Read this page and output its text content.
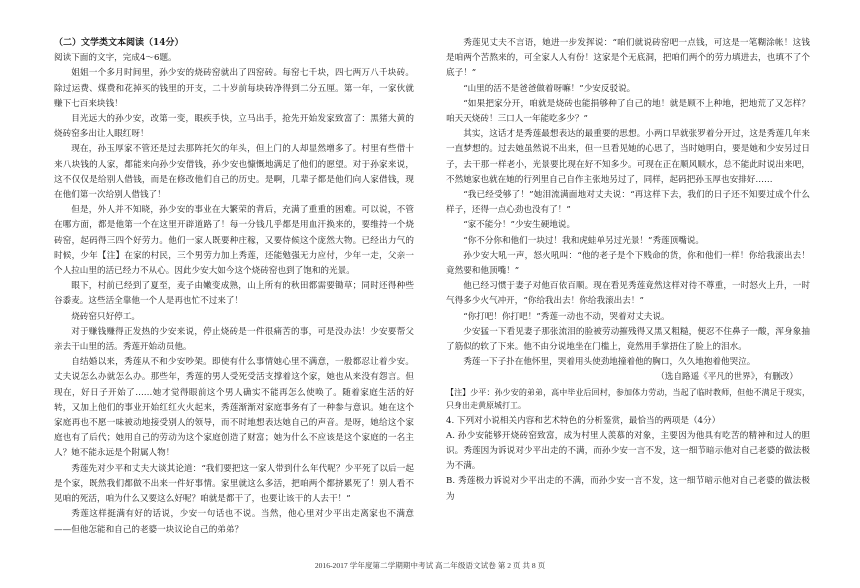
（二）文学类文本阅读（14分）

阅读下面的文字，完成4～6题。

姐姐一个多月时间里，孙少安的烧砖窑就出了四窑砖。每窑七千块，四七两万八千块砖。除过运费、煤费和花掉买的钱里的开支，二十岁前每块砖净得到二分五厘。第一年，一家伙就赚下七百来块钱！

目光远大的孙少安，改第一变，眼疾手快，立马出手，抢先开始发家致富了：黑猪大黄的烧砖窑多出让人眼红呀！

现在，孙玉厚家不管还是过去那阵托欠的年头，但上门的人却显然增多了。村里有些借十来八块钱的人家，都能来向孙少安借钱，孙少安也慷慨地满足了他们的愿望。对于孙家来说，这不仅仅是给别人借钱，而是在修改他们自己的历史。是啊，几辈子都是他们向人家借钱，现在他们第一次给别人借钱了！

但是，外人并不知晓，孙少安的事业在大繁荣的背后，充满了重重的困难。可以说，不管在哪方面，都是他第一个在这里开辟道路了！每一分钱几乎都是用血汗换来的，要维持一个烧砖窑，起码得三四个好劳力。他们一家人既要种庄稼，又要侍候这个庞然大物。已经出力气的时候，少年【注】在家的村民，三个男劳力加上秀莲，还能勉强无力应付，少年一走，父亲一个人拉山里的活已经力不从心。因此少安大如今这个烧砖窑也到了饱和的光景。

眼下，村前已经到了夏至，麦子由嫩变成熟，山上所有的秋田都需要锄草；同时还得种些谷黍麦。这些活全靠他一个人是再也忙不过来了！

烧砖窑只好停工。

对于赚钱赚得正发热的少安来说，停止烧砖是一件很痛苦的事，可是没办法！少安要帮父亲去干山里的活。秀莲开始动员他。

自结婚以来，秀莲从不和少安吵架。即使有什么事情她心里不满意，一般都忍让着少安。丈夫说怎么办就怎么办。那些年，秀莲的男人受死受活支撑着这个家，她也从来没有怨言。但现在，好日子开始了……她才觉得眼前这个男人确实不能再怎么使唤了。随着家庭生活的好转，又加上他们的事业开始红红火火起来，秀莲渐渐对家庭事务有了一种参与意识。她在这个家庭再也不愿一味被动地接受别人的领导，而不时地想表达她自己的声音。是呀，她给这个家庭也有了后代；她用自己的劳动为这个家庭创造了财富；她为什么不应该是这个家庭的一名主人？她不能永远是个附属人物！

秀莲先对少平和丈夫大谈其论道：“我们要把这一家人带到什么年代呢？少平死了以后一起是个家，既然我们都做不出来一件好事情。家里就这么多活，把咱两个都挤累死了！别人看不见咱的死活，咱为什么又要这么好呢？咱就是都干了，也要让该干的人去干！”

秀莲这样挺满有好的话说，少安一句话也不说。当然，他心里对少平出走离家也不满意——但他怎能和自己的老婆一块议论自己的弟弟？

秀莲见丈夫不言语，她进一步发挥说：“咱们就说砖窑吧一点钱，可这是一笔糊涂帐！这钱是咱两个苦熬来的，可全家人人有份！这家是个无底洞，把咱们两个的劳力填进去，也填不了个底子！”

“山里的活不是爸爸做着呀嘛！”少安反驳说。

“如果把家分开，咱就是烧砖也能捐够种了自己的地！就是顾不上种地，把地荒了又怎样？咱天天烧砖！三口人一年能吃多少？”

其实，这话才是秀莲最想表达的最重要的思想。小两口早就张罗着分开过，这是秀莲几年来一直梦想的。过去她虽然说不出来，但一旦看见她的心思了，当时她明白，要是她和少安另过日子，去干那一样老小，光景要比现在好不知多少。可现在正在顺风顺水，总不能此时说出来吧，不然她家也就在她的行列里自己自作主张地另过了，同样，起码把孙玉厚也安排好……

“我已经受够了！”她泪流满面地对丈夫说：“再这样下去，我们的日子还不知要过成个什么样子，还得一点心劲也没有了！”

“家不能分！”少安生硬地说。

“你不分你和他们一块过！我和虎蛙单另过光景！”秀莲顶嘴说。

孙少安大吼一声，怒火吼叫：“他的老子是个下贱命的货，你和他们一样！你给我滚出去！竟然要和他顶嘴！”

他已经习惯于妻子对他百依百顺。现在看见秀莲竟然这样对待不尊重，一时怒火上升，一时气得多少火气冲开，“你给我出去！你给我滚出去！”

“你打吧！你打吧！”秀莲一动也不动，哭着对丈夫说。

少安猛一下看见妻子那张流泪的脸被劳动摧残得又黑又粗糙，便忍不住鼻子一酸，浑身象抽了筋似的软了下来。他不由分说地坐在门槛上，竟然用手掌捂住了脸上的泪水。

秀莲一下子扑在他怀里，哭着用头使劲地撞着他的胸口，久久地抱着他哭泣。

（选自路遥《平凡的世界》，有删改）

【注】少平：孙少安的弟弟，高中毕业后回村，参加体力劳动，当起了临时教师，但他不满足于现实，只身出走黄原城打工。

4. 下列对小说相关内容和艺术特色的分析鉴赏，最恰当的两项是（4分）

A. 孙少安能够开烧砖窑致富，成为村里人羡慕的对象，主要因为他具有吃苦的精神和过人的胆识。秀莲因为诉说对少平出走的不满，而孙少安一言不发，这一细节暗示他对自己老婆的做法极为不满。

B. 秀莲极力诉说对少平出走的不满，而孙少安一言不发，这一细节暗示他对自己老婆的做法极为

2016-2017 学年度第二学期期中考试 高二年级语文试卷 第 2 页 共 8 页
